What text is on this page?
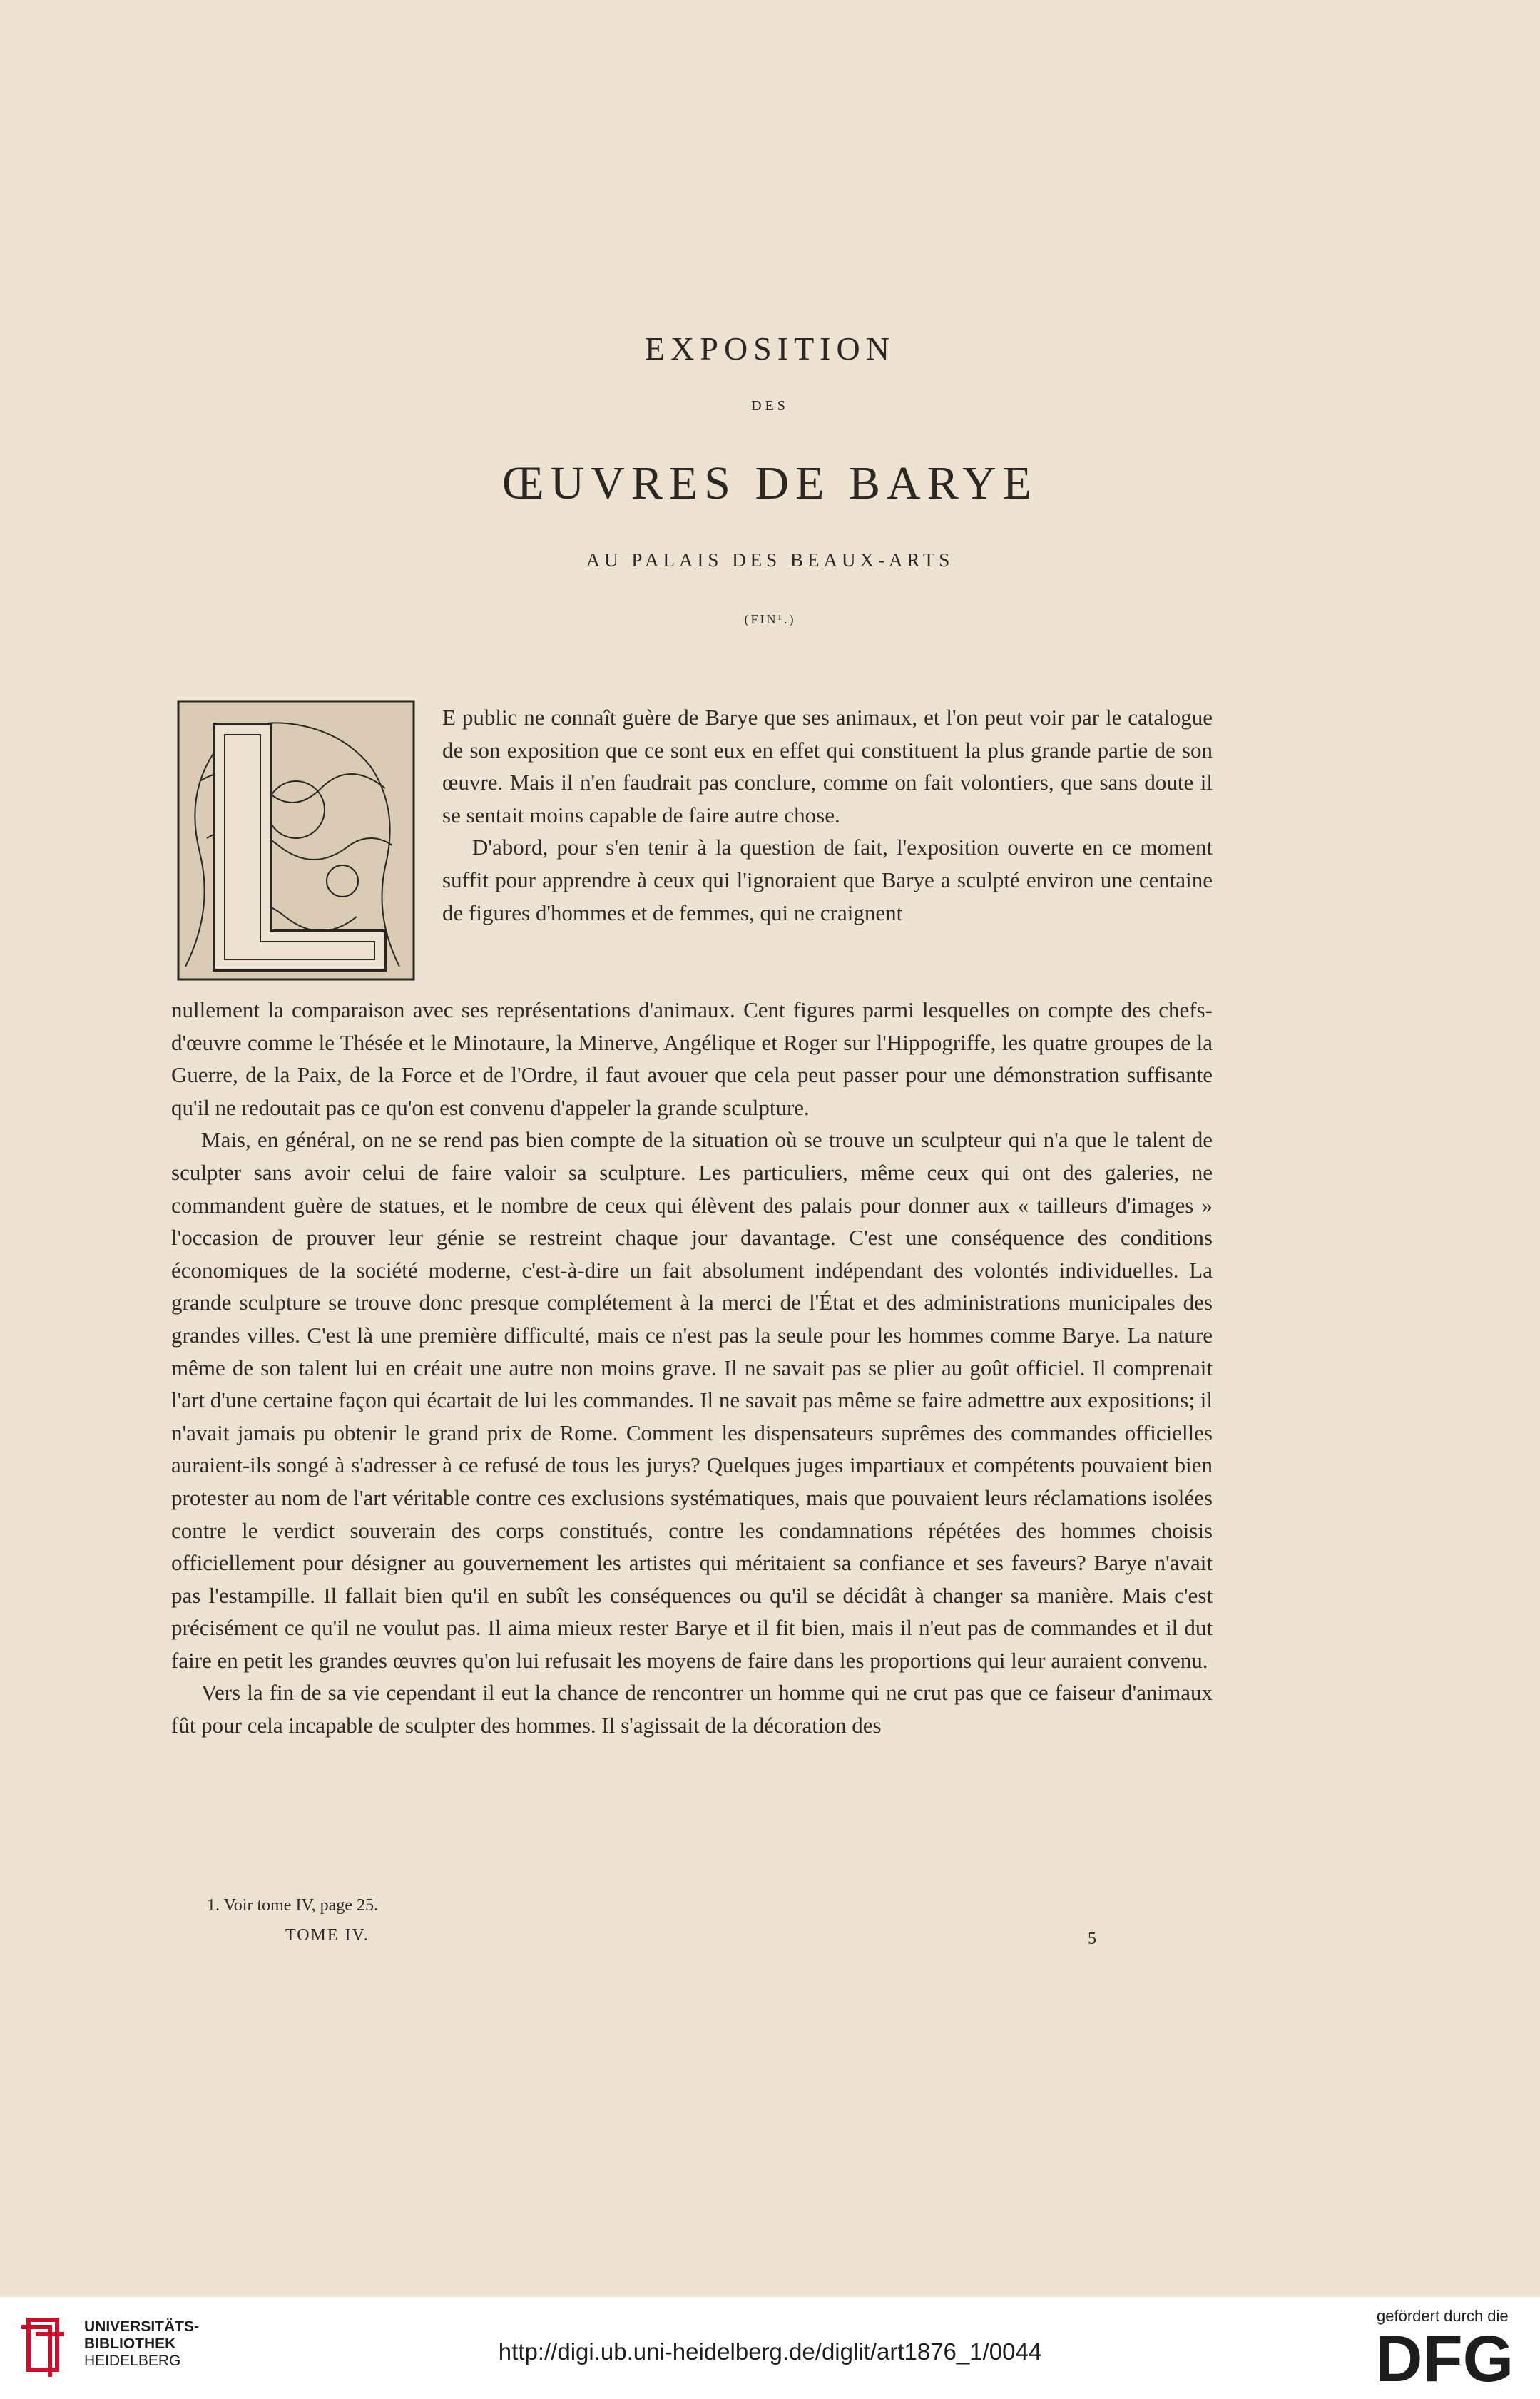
EXPOSITION
DES
ŒUVRES DE BARYE
AU PALAIS DES BEAUX-ARTS
(FIN¹.)

E public ne connaît guère de Barye que ses animaux, et l'on peut voir par le catalogue de son exposition que ce sont eux en effet qui constituent la plus grande partie de son œuvre. Mais il n'en faudrait pas conclure, comme on fait volontiers, que sans doute il se sentait moins capable de faire autre chose.

D'abord, pour s'en tenir à la question de fait, l'exposition ouverte en ce moment suffit pour apprendre à ceux qui l'ignoraient que Barye a sculpté environ une centaine de figures d'hommes et de femmes, qui ne craignent

nullement la comparaison avec ses représentations d'animaux. Cent figures parmi lesquelles on compte des chefs-d'œuvre comme le Thésée et le Minotaure, la Minerve, Angélique et Roger sur l'Hippogriffe, les quatre groupes de la Guerre, de la Paix, de la Force et de l'Ordre, il faut avouer que cela peut passer pour une démonstration suffisante qu'il ne redoutait pas ce qu'on est convenu d'appeler la grande sculpture.

Mais, en général, on ne se rend pas bien compte de la situation où se trouve un sculpteur qui n'a que le talent de sculpter sans avoir celui de faire valoir sa sculpture. Les particuliers, même ceux qui ont des galeries, ne commandent guère de statues, et le nombre de ceux qui élèvent des palais pour donner aux « tailleurs d'images » l'occasion de prouver leur génie se restreint chaque jour davantage. C'est une conséquence des conditions économiques de la société moderne, c'est-à-dire un fait absolument indépendant des volontés individuelles. La grande sculpture se trouve donc presque complétement à la merci de l'État et des administrations municipales des grandes villes. C'est là une première difficulté, mais ce n'est pas la seule pour les hommes comme Barye. La nature même de son talent lui en créait une autre non moins grave. Il ne savait pas se plier au goût officiel. Il comprenait l'art d'une certaine façon qui écartait de lui les commandes. Il ne savait pas même se faire admettre aux expositions; il n'avait jamais pu obtenir le grand prix de Rome. Comment les dispensateurs suprêmes des commandes officielles auraient-ils songé à s'adresser à ce refusé de tous les jurys? Quelques juges impartiaux et compétents pouvaient bien protester au nom de l'art véritable contre ces exclusions systématiques, mais que pouvaient leurs réclamations isolées contre le verdict souverain des corps constitués, contre les condamnations répétées des hommes choisis officiellement pour désigner au gouvernement les artistes qui méritaient sa confiance et ses faveurs? Barye n'avait pas l'estampille. Il fallait bien qu'il en subît les conséquences ou qu'il se décidât à changer sa manière. Mais c'est précisément ce qu'il ne voulut pas. Il aima mieux rester Barye et il fit bien, mais il n'eut pas de commandes et il dut faire en petit les grandes œuvres qu'on lui refusait les moyens de faire dans les proportions qui leur auraient convenu.

Vers la fin de sa vie cependant il eut la chance de rencontrer un homme qui ne crut pas que ce faiseur d'animaux fût pour cela incapable de sculpter des hommes. Il s'agissait de la décoration des

1. Voir tome IV, page 25.
TOME IV.	5
UNIVERSITÄTS-
BIBLIOTHEK
HEIDELBERG	http://digi.ub.uni-heidelberg.de/diglit/art1876_1/0044
gefördert durch die
DFG
